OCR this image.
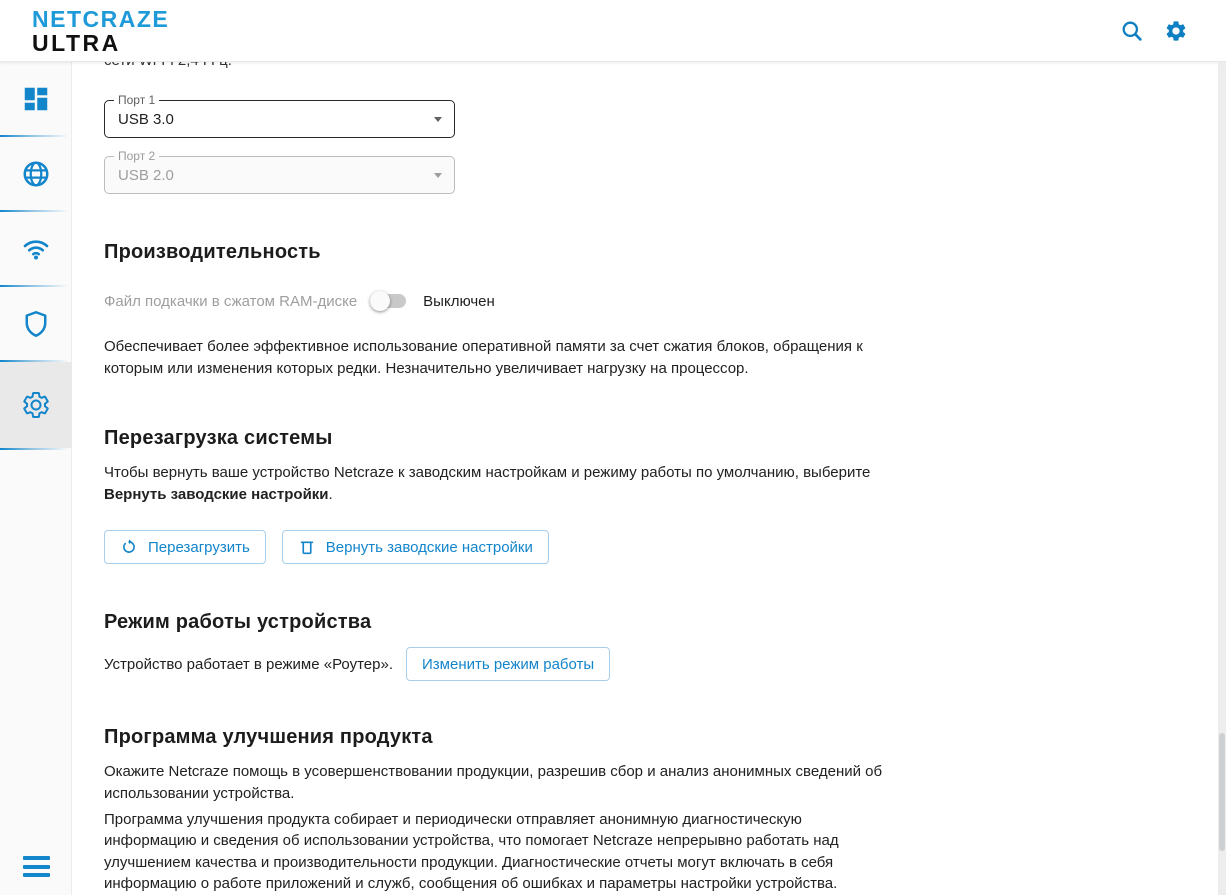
Порт 1
USB 3.0
Порт 2
USB 2.0
Производительность
Файл подкачки в сжатом RAM-диске	Выключен

Обеспечивает более эффективное использование оперативной памяти за счет сжатия блоков, обращения к которым или изменения которых редки. Незначительно увеличивает нагрузку на процессор.

Перезагрузка системы

Чтобы вернуть ваше устройство Netcraze к заводским настройкам и режиму работы по умолчанию, выберите Вернуть заводские настройки.

Перезагрузить	Вернуть заводские настройки
Режим работы устройства
Устройство работает в режиме «Роутер». Изменить режим работы
Программа улучшения продукта

Окажите Netcraze помощь в усовершенствовании продукции, разрешив сбор и анализ анонимных сведений об использовании устройства.

Программа улучшения продукта собирает и периодически отправляет анонимную диагностическую информацию и сведения об использовании устройства, что помогает Netcraze непрерывно работать над улучшением качества и производительности продукции. Диагностические отчеты могут включать в себя информацию о работе приложений и служб, сообщения об ошибках и параметры настройки устройства.

NETCRAZE
ULTRA
